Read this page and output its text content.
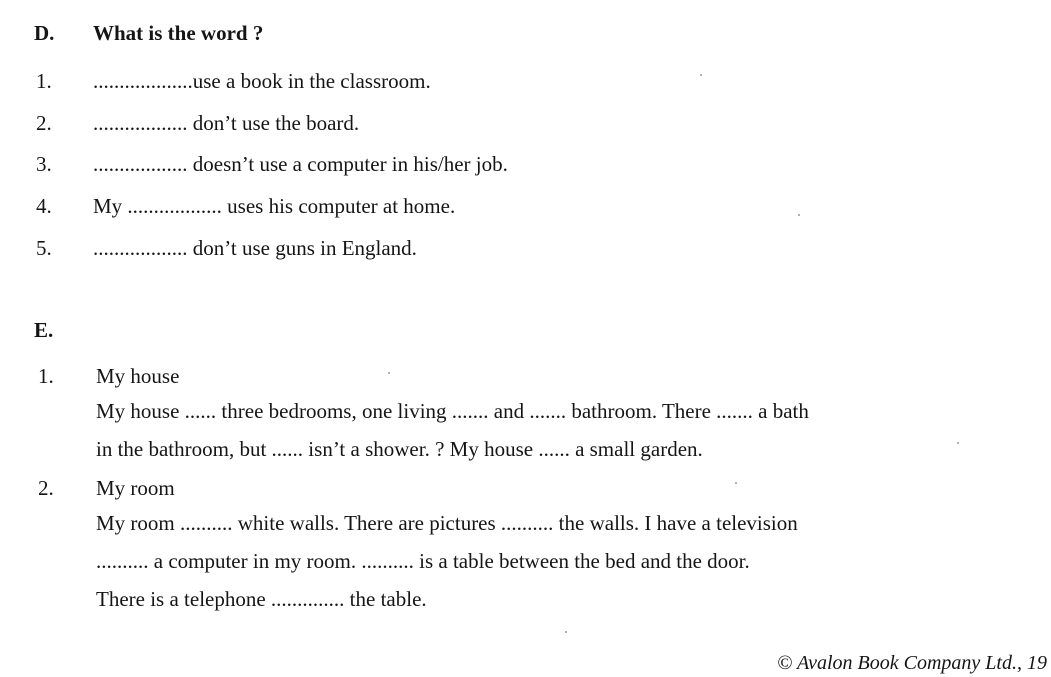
D. What is the word ?
1. ...................use a book in the classroom.
2. .................. don’t use the board.
3. .................. doesn’t use a computer in his/her job.
4. My .................. uses his computer at home.
5. .................. don’t use guns in England.
E.
1. My house
My house ...... three bedrooms, one living ....... and ....... bathroom. There ....... a bath
in the bathroom, but ...... isn’t a shower. ? My house ...... a small garden.
2. My room
My room .......... white walls. There are pictures .......... the walls. I have a television
.......... a computer in my room. .......... is a table between the bed and the door.
There is a telephone .............. the table.
© Avalon Book Company Ltd., 19
